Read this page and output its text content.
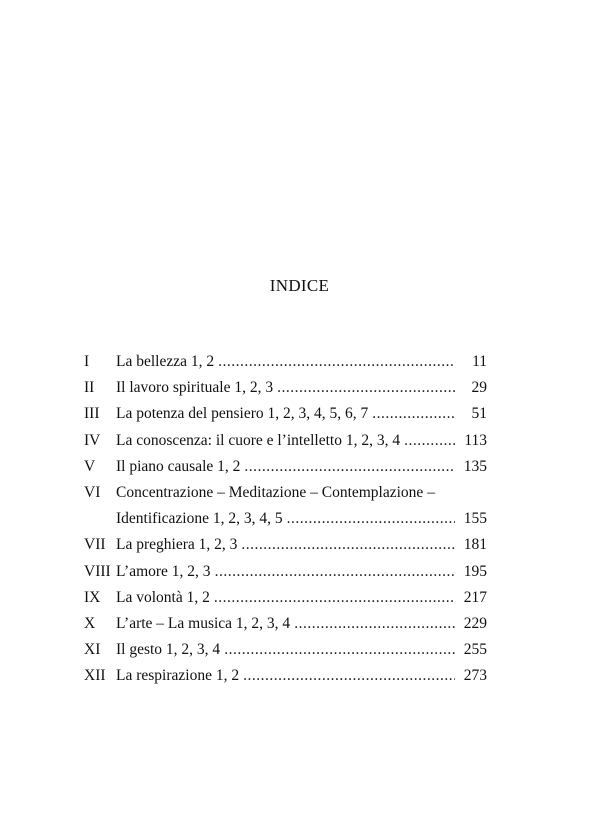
INDICE
I	La bellezza 1, 2 .....	11
II	Il lavoro spirituale 1, 2, 3 .....	29
III	La potenza del pensiero 1, 2, 3, 4, 5, 6, 7 .....	51
IV	La conoscenza: il cuore e l’intelletto 1, 2, 3, 4 .....	113
V	Il piano causale 1, 2 .....	135
VI	Concentrazione – Meditazione – Contemplazione –
Identificazione 1, 2, 3, 4, 5 .....	155
VII La preghiera 1, 2, 3 .....	181
VIII L’amore 1, 2, 3 .....	195
IX	La volontà 1, 2 .....	217
X	L’arte – La musica 1, 2, 3, 4 .....	229
XI	Il gesto 1, 2, 3, 4 .....	255
XII La respirazione 1, 2 .....	273
